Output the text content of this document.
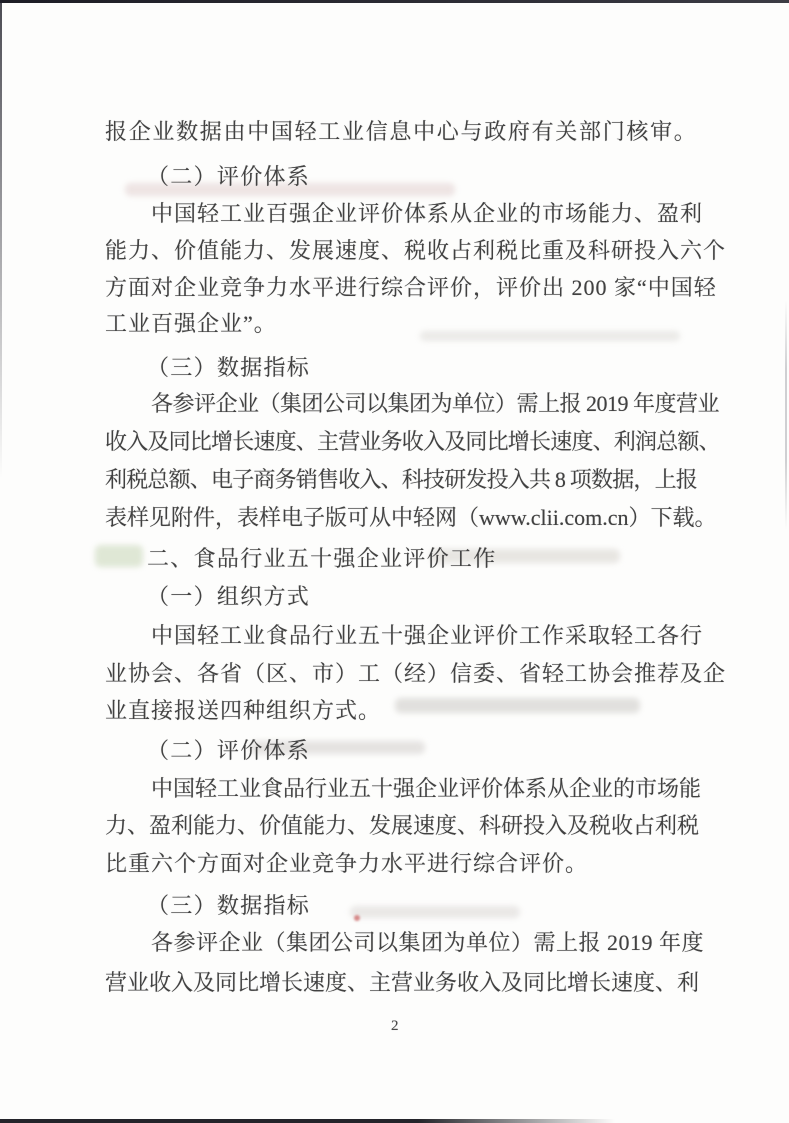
报企业数据由中国轻工业信息中心与政府有关部门核审。
（二）评价体系
中国轻工业百强企业评价体系从企业的市场能力、盈利
能力、价值能力、发展速度、税收占利税比重及科研投入六个
方面对企业竞争力水平进行综合评价，评价出 200 家“中国轻
工业百强企业”。
（三）数据指标
各参评企业（集团公司以集团为单位）需上报 2019 年度营业
收入及同比增长速度、主营业务收入及同比增长速度、利润总额、
利税总额、电子商务销售收入、科技研发投入共 8 项数据，上报
表样见附件，表样电子版可从中轻网（www.clii.com.cn）下载。
二、食品行业五十强企业评价工作
（一）组织方式
中国轻工业食品行业五十强企业评价工作采取轻工各行
业协会、各省（区、市）工（经）信委、省轻工协会推荐及企
业直接报送四种组织方式。
（二）评价体系
中国轻工业食品行业五十强企业评价体系从企业的市场能
力、盈利能力、价值能力、发展速度、科研投入及税收占利税
比重六个方面对企业竞争力水平进行综合评价。
（三）数据指标
各参评企业（集团公司以集团为单位）需上报 2019 年度
营业收入及同比增长速度、主营业务收入及同比增长速度、利
2
